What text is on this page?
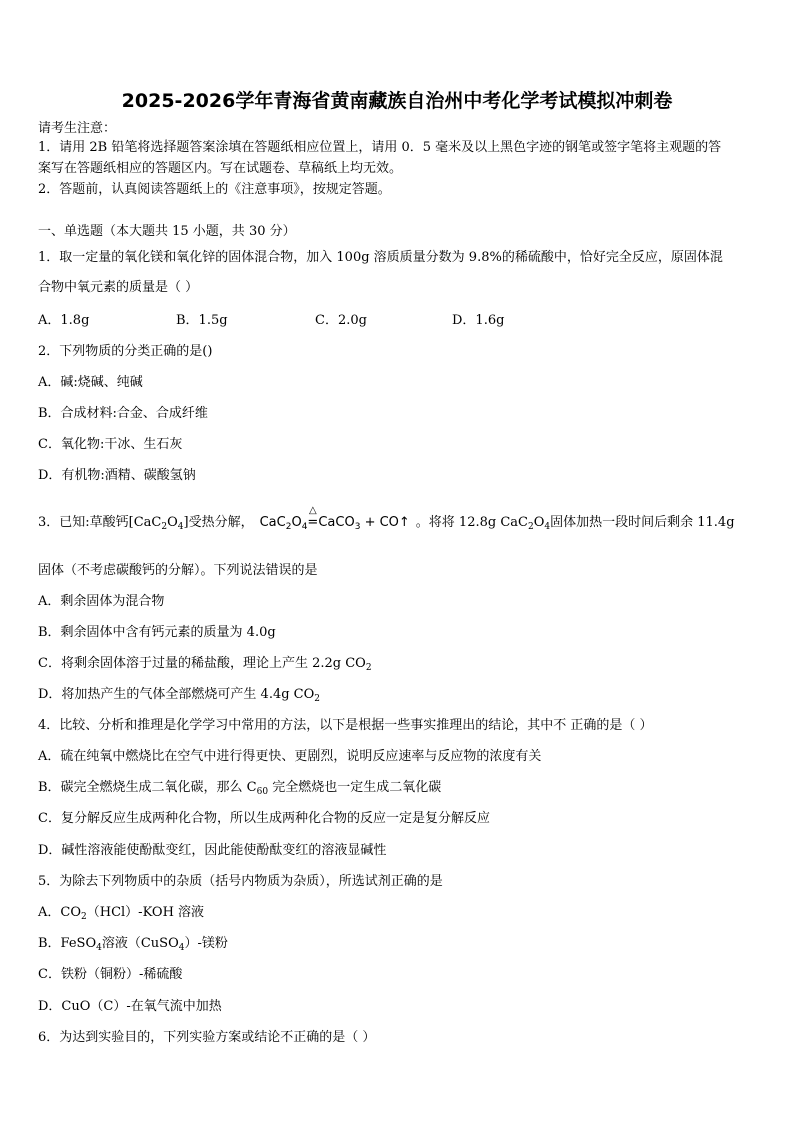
2025-2026学年青海省黄南藏族自治州中考化学考试模拟冲刺卷
请考生注意：
1．请用 2B 铅笔将选择题答案涂填在答题纸相应位置上，请用 0．5 毫米及以上黑色字迹的钢笔或签字笔将主观题的答
案写在答题纸相应的答题区内。写在试题卷、草稿纸上均无效。
2．答题前，认真阅读答题纸上的《注意事项》，按规定答题。
一、单选题（本大题共 15 小题，共 30 分）
1．取一定量的氧化镁和氧化锌的固体混合物，加入 100g 溶质质量分数为 9.8%的稀硫酸中，恰好完全反应，原固体混
合物中氧元素的质量是（ ）
A．1.8g	B．1.5g	C．2.0g	D．1.6g
2．下列物质的分类正确的是()
A．碱:烧碱、纯碱
B．合成材料:合金、合成纤维
C．氧化物:干冰、生石灰
D．有机物:酒精、碳酸氢钠
3．已知:草酸钙$[CaC_2O_4]$受热分解， $CaC_2O_4$
△
=CaCO$_3$ + CO↑ 。将将 12.8g $CaC_2O_4$固体加热一段时间后剩余 11.4g
固体（不考虑碳酸钙的分解）。下列说法错误的是
A．剩余固体为混合物
B．剩余固体中含有钙元素的质量为 4.0g
C．将剩余固体溶于过量的稀盐酸，理论上产生 2.2g $CO_2$
D．将加热产生的气体全部燃烧可产生 4.4g $CO_2$
4．比较、分析和推理是化学学习中常用的方法，以下是根据一些事实推理出的结论，其中不 正确的是（ ）
A．硫在纯氧中燃烧比在空气中进行得更快、更剧烈，说明反应速率与反应物的浓度有关
B．碳完全燃烧生成二氧化碳，那么 $C_{60}$ 完全燃烧也一定生成二氧化碳
C．复分解反应生成两种化合物，所以生成两种化合物的反应一定是复分解反应
D．碱性溶液能使酚酞变红，因此能使酚酞变红的溶液显碱性
5．为除去下列物质中的杂质（括号内物质为杂质），所选试剂正确的是
A．$CO_2(HCl)$-KOH 溶液
B．FeSO$_4$溶液（CuSO$_4$）-镁粉
C．铁粉（铜粉）-稀硫酸
D．CuO（C）-在氧气流中加热
6．为达到实验目的，下列实验方案或结论不正确的是（ ）
